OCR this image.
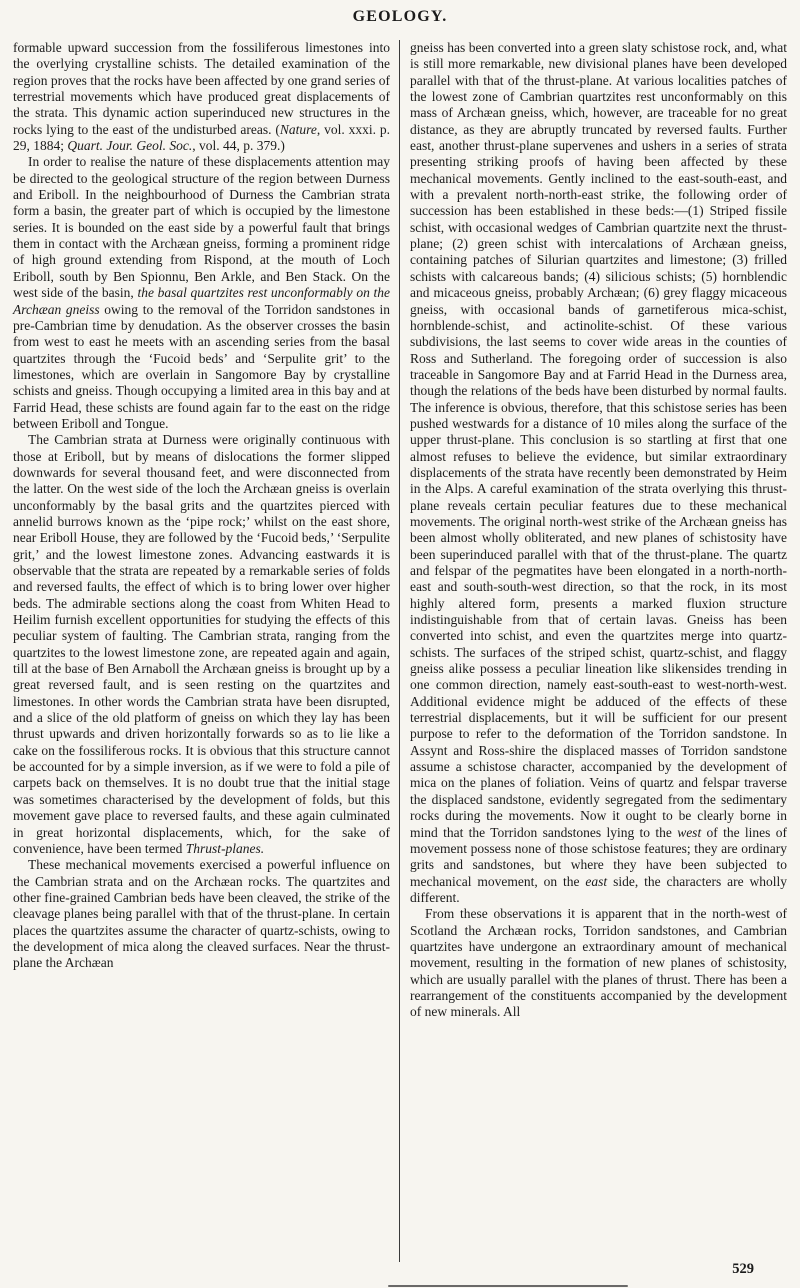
GEOLOGY.

formable upward succession from the fossiliferous limestones into the overlying crystalline schists. The detailed examination of the region proves that the rocks have been affected by one grand series of terrestrial movements which have produced great displacements of the strata. This dynamic action superinduced new structures in the rocks lying to the east of the undisturbed areas. (Nature, vol. xxxi. p. 29, 1884; Quart. Jour. Geol. Soc., vol. 44, p. 379.)

In order to realise the nature of these displacements attention may be directed to the geological structure of the region between Durness and Eriboll. In the neighbourhood of Durness the Cambrian strata form a basin, the greater part of which is occupied by the limestone series. It is bounded on the east side by a powerful fault that brings them in contact with the Archæan gneiss, forming a prominent ridge of high ground extending from Rispond, at the mouth of Loch Eriboll, south by Ben Spionnu, Ben Arkle, and Ben Stack. On the west side of the basin, the basal quartzites rest unconformably on the Archæan gneiss owing to the removal of the Torridon sandstones in pre-Cambrian time by denudation. As the observer crosses the basin from west to east he meets with an ascending series from the basal quartzites through the ‘Fucoid beds’ and ‘Serpulite grit’ to the limestones, which are overlain in Sangomore Bay by crystalline schists and gneiss. Though occupying a limited area in this bay and at Farrid Head, these schists are found again far to the east on the ridge between Eriboll and Tongue.

The Cambrian strata at Durness were originally continuous with those at Eriboll, but by means of dislocations the former slipped downwards for several thousand feet, and were disconnected from the latter. On the west side of the loch the Archæan gneiss is overlain unconformably by the basal grits and the quartzites pierced with annelid burrows known as the ‘pipe rock;’ whilst on the east shore, near Eriboll House, they are followed by the ‘Fucoid beds,’ ‘Serpulite grit,’ and the lowest limestone zones. Advancing eastwards it is observable that the strata are repeated by a remarkable series of folds and reversed faults, the effect of which is to bring lower over higher beds. The admirable sections along the coast from Whiten Head to Heilim furnish excellent opportunities for studying the effects of this peculiar system of faulting. The Cambrian strata, ranging from the quartzites to the lowest limestone zone, are repeated again and again, till at the base of Ben Arnaboll the Archæan gneiss is brought up by a great reversed fault, and is seen resting on the quartzites and limestones. In other words the Cambrian strata have been disrupted, and a slice of the old platform of gneiss on which they lay has been thrust upwards and driven horizontally forwards so as to lie like a cake on the fossiliferous rocks. It is obvious that this structure cannot be accounted for by a simple inversion, as if we were to fold a pile of carpets back on themselves. It is no doubt true that the initial stage was sometimes characterised by the development of folds, but this movement gave place to reversed faults, and these again culminated in great horizontal displacements, which, for the sake of convenience, have been termed Thrust-planes.

These mechanical movements exercised a powerful influence on the Cambrian strata and on the Archæan rocks. The quartzites and other fine-grained Cambrian beds have been cleaved, the strike of the cleavage planes being parallel with that of the thrust-plane. In certain places the quartzites assume the character of quartz-schists, owing to the development of mica along the cleaved surfaces. Near the thrust-plane the Archæan

gneiss has been converted into a green slaty schistose rock, and, what is still more remarkable, new divisional planes have been developed parallel with that of the thrust-plane. At various localities patches of the lowest zone of Cambrian quartzites rest unconformably on this mass of Archæan gneiss, which, however, are traceable for no great distance, as they are abruptly truncated by reversed faults. Further east, another thrust-plane supervenes and ushers in a series of strata presenting striking proofs of having been affected by these mechanical movements. Gently inclined to the east-south-east, and with a prevalent north-north-east strike, the following order of succession has been established in these beds:—(1) Striped fissile schist, with occasional wedges of Cambrian quartzite next the thrust-plane; (2) green schist with intercalations of Archæan gneiss, containing patches of Silurian quartzites and limestone; (3) frilled schists with calcareous bands; (4) silicious schists; (5) hornblendic and micaceous gneiss, probably Archæan; (6) grey flaggy micaceous gneiss, with occasional bands of garnetiferous mica-schist, hornblende-schist, and actinolite-schist. Of these various subdivisions, the last seems to cover wide areas in the counties of Ross and Sutherland. The foregoing order of succession is also traceable in Sangomore Bay and at Farrid Head in the Durness area, though the relations of the beds have been disturbed by normal faults. The inference is obvious, therefore, that this schistose series has been pushed westwards for a distance of 10 miles along the surface of the upper thrust-plane. This conclusion is so startling at first that one almost refuses to believe the evidence, but similar extraordinary displacements of the strata have recently been demonstrated by Heim in the Alps. A careful examination of the strata overlying this thrust-plane reveals certain peculiar features due to these mechanical movements. The original north-west strike of the Archæan gneiss has been almost wholly obliterated, and new planes of schistosity have been superinduced parallel with that of the thrust-plane. The quartz and felspar of the pegmatites have been elongated in a north-north-east and south-south-west direction, so that the rock, in its most highly altered form, presents a marked fluxion structure indistinguishable from that of certain lavas. Gneiss has been converted into schist, and even the quartzites merge into quartz-schists. The surfaces of the striped schist, quartz-schist, and flaggy gneiss alike possess a peculiar lineation like slikensides trending in one common direction, namely east-south-east to west-north-west. Additional evidence might be adduced of the effects of these terrestrial displacements, but it will be sufficient for our present purpose to refer to the deformation of the Torridon sandstone. In Assynt and Ross-shire the displaced masses of Torridon sandstone assume a schistose character, accompanied by the development of mica on the planes of foliation. Veins of quartz and felspar traverse the displaced sandstone, evidently segregated from the sedimentary rocks during the movements. Now it ought to be clearly borne in mind that the Torridon sandstones lying to the west of the lines of movement possess none of those schistose features; they are ordinary grits and sandstones, but where they have been subjected to mechanical movement, on the east side, the characters are wholly different.

From these observations it is apparent that in the north-west of Scotland the Archæan rocks, Torridon sandstones, and Cambrian quartzites have undergone an extraordinary amount of mechanical movement, resulting in the formation of new planes of schistosity, which are usually parallel with the planes of thrust. There has been a rearrangement of the constituents accompanied by the development of new minerals. All

529
